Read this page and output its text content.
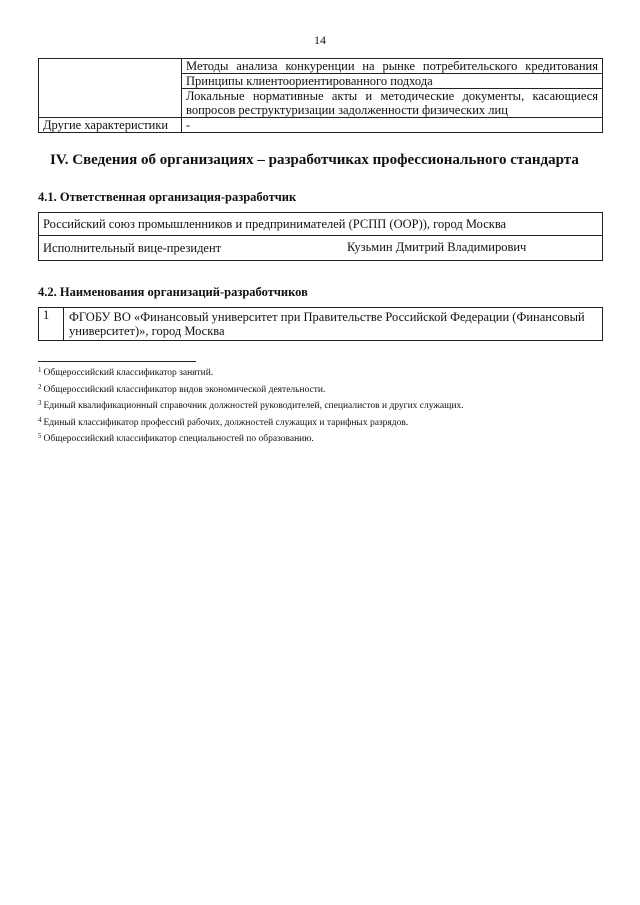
14
	Методы анализа конкуренции на рынке потребительского кредитования
	Принципы клиентоориентированного подхода
	Локальные нормативные акты и методические документы, касающиеся вопросов реструктуризации задолженности физических лиц
Другие характеристики	-
IV. Сведения об организациях – разработчиках профессионального стандарта
4.1. Ответственная организация-разработчик
Российский союз промышленников и предпринимателей (РСПП (ООР)), город Москва
Исполнительный вице-президент	Кузьмин Дмитрий Владимирович
4.2. Наименования организаций-разработчиков
1	ФГОБУ ВО «Финансовый университет при Правительстве Российской Федерации (Финансовый университет)», город Москва
$^1$ Общероссийский классификатор занятий.
$^2$ Общероссийский классификатор видов экономической деятельности.
$^3$ Единый квалификационный справочник должностей руководителей, специалистов и других служащих.
$^4$ Единый классификатор профессий рабочих, должностей служащих и тарифных разрядов.
$^5$ Общероссийский классификатор специальностей по образованию.
